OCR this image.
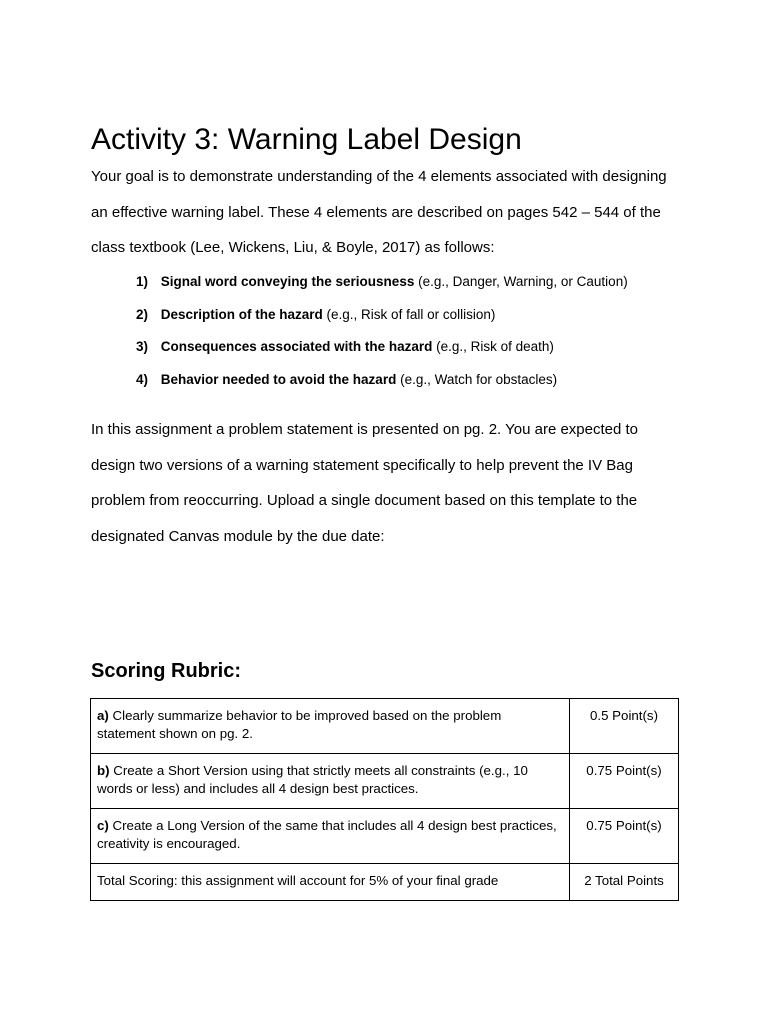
Activity 3: Warning Label Design

Your goal is to demonstrate understanding of the 4 elements associated with designing
an effective warning label. These 4 elements are described on pages 542 – 544 of the
class textbook (Lee, Wickens, Liu, & Boyle, 2017) as follows:

1) Signal word conveying the seriousness (e.g., Danger, Warning, or Caution)
2) Description of the hazard (e.g., Risk of fall or collision)
3) Consequences associated with the hazard (e.g., Risk of death)
4) Behavior needed to avoid the hazard (e.g., Watch for obstacles)

In this assignment a problem statement is presented on pg. 2. You are expected to
design two versions of a warning statement specifically to help prevent the IV Bag
problem from reoccurring. Upload a single document based on this template to the
designated Canvas module by the due date:

Scoring Rubric:
a) Clearly summarize behavior to be improved based on the problem statement shown on pg. 2.	0.5 Point(s)
b) Create a Short Version using that strictly meets all constraints (e.g., 10 words or less) and includes all 4 design best practices.	0.75 Point(s)
c) Create a Long Version of the same that includes all 4 design best practices, creativity is encouraged.	0.75 Point(s)
Total Scoring: this assignment will account for 5% of your final grade	2 Total Points
